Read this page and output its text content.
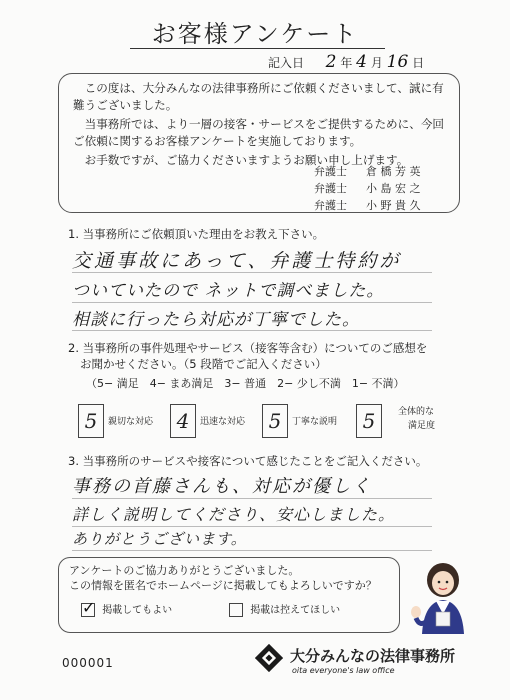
お客様アンケート
記入日 2 年 4 月 16 日

この度は、大分みんなの法律事務所にご依頼くださいまして、誠に有難うございました。

当事務所では、より一層の接客・サービスをご提供するために、今回ご依頼に関するお客様アンケートを実施しております。

お手数ですが、ご協力くださいますようお願い申し上げます。

弁護士 倉 橋 芳 英
弁護士 小 島 宏 之
弁護士 小 野 貴 久
1. 当事務所にご依頼頂いた理由をお教え下さい。
交通事故にあって、弁護士特約が
ついていたので ネットで調べました。
相談に行ったら対応が丁寧でした。
2. 当事務所の事件処理やサービス（接客等含む）についてのご感想を
お聞かせください。（5 段階でご記入ください）
（5− 満足　4− まあ満足　3− 普通　2− 少し不満　1− 不満）
5	親切な対応	4	迅速な対応	5	丁寧な説明	5	全体的な
満足度
3. 当事務所のサービスや接客について感じたことをご記入ください。
事務の首藤さんも、対応が優しく
詳しく説明してくださり、安心しました。
ありがとうございます。
アンケートのご協力ありがとうございました。
この情報を匿名でホームページに掲載してもよろしいですか？
✓ 掲載してもよい	掲載は控えてほしい
000001	大分みんなの法律事務所
oita everyone's law office
